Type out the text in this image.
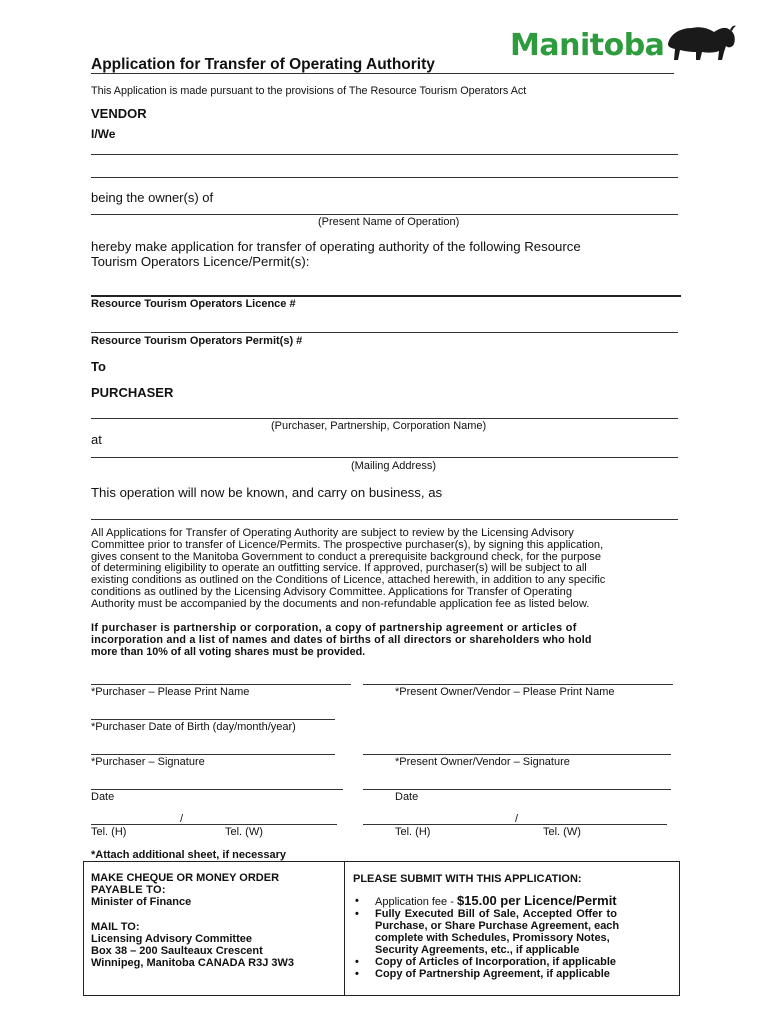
Application for Transfer of Operating Authority
Manitoba
This Application is made pursuant to the provisions of The Resource Tourism Operators Act
VENDOR
I/We
being the owner(s) of
(Present Name of Operation)
hereby make application for transfer of operating authority of the following Resource
Tourism Operators Licence/Permit(s):
Resource Tourism Operators Licence #
Resource Tourism Operators Permit(s) #
To
PURCHASER
(Purchaser, Partnership, Corporation Name)
at
(Mailing Address)
This operation will now be known, and carry on business, as
All Applications for Transfer of Operating Authority are subject to review by the Licensing Advisory
Committee prior to transfer of Licence/Permits. The prospective purchaser(s), by signing this application,
gives consent to the Manitoba Government to conduct a prerequisite background check, for the purpose
of determining eligibility to operate an outfitting service. If approved, purchaser(s) will be subject to all
existing conditions as outlined on the Conditions of Licence, attached herewith, in addition to any specific
conditions as outlined by the Licensing Advisory Committee. Applications for Transfer of Operating
Authority must be accompanied by the documents and non-refundable application fee as listed below.
If purchaser is partnership or corporation, a copy of partnership agreement or articles of
incorporation and a list of names and dates of births of all directors or shareholders who hold
more than 10% of all voting shares must be provided.
*Purchaser – Please Print Name	*Present Owner/Vendor – Please Print Name
*Purchaser Date of Birth (day/month/year)
*Purchaser – Signature	*Present Owner/Vendor – Signature
Date	Date
/	/
Tel. (H)	Tel. (W)	Tel. (H)	Tel. (W)
*Attach additional sheet, if necessary
MAKE CHEQUE OR MONEY ORDER
PAYABLE TO:
Minister of Finance
MAIL TO:
Licensing Advisory Committee
Box 38 – 200 Saulteaux Crescent
Winnipeg, Manitoba CANADA R3J 3W3
PLEASE SUBMIT WITH THIS APPLICATION:
• Application fee - $15.00 per Licence/Permit
• Fully Executed Bill of Sale, Accepted Offer to
Purchase, or Share Purchase Agreement, each
complete with Schedules, Promissory Notes,
Security Agreements, etc., if applicable
• Copy of Articles of Incorporation, if applicable
• Copy of Partnership Agreement, if applicable
